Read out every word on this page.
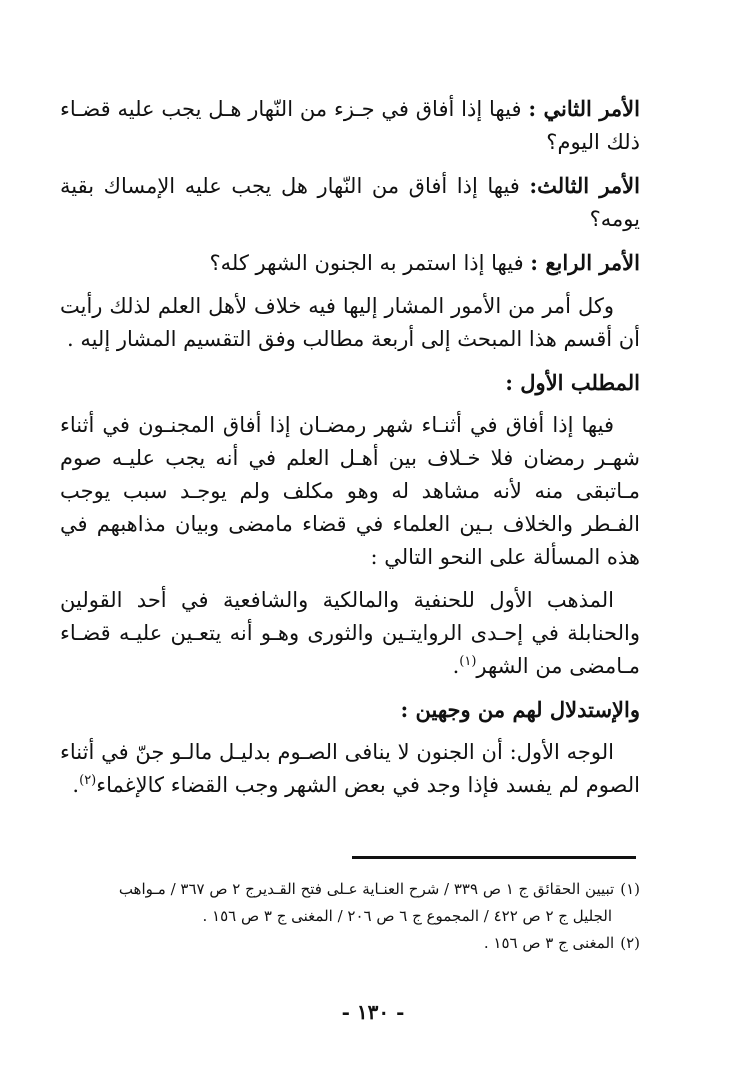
الأمر الثاني : فيها إذا أفاق في جـزء من النّهار هـل يجب عليه قضـاء ذلك اليوم؟
الأمر الثالث: فيها إذا أفاق من النّهار هل يجب عليه الإمساك بقية يومه؟
الأمر الرابع : فيها إذا استمر به الجنون الشهر كله؟
وكل أمر من الأمور المشار إليها فيه خلاف لأهل العلم لذلك رأيت أن أقسم هذا المبحث إلى أربعة مطالب وفق التقسيم المشار إليه .
المطلب الأول :
فيها إذا أفاق في أثنـاء شهر رمضـان إذا أفاق المجنـون في أثناء شهـر رمضان فلا خـلاف بين أهـل العلم في أنه يجب عليـه صوم مـاتبقى منه لأنه مشاهد له وهو مكلف ولم يوجـد سبب يوجب الفـطر والخلاف بـين العلماء في قضاء مامضى وبيان مذاهبهم في هذه المسألة على النحو التالي :
المذهب الأول للحنفية والمالكية والشافعية في أحد القولين والحنابلة في إحـدى الروايتـين والثورى وهـو أنه يتعـين عليـه قضـاء مـامضى من الشهر$^{(١)}$.
والإستدلال لهم من وجهين :
الوجه الأول: أن الجنون لا ينافى الصـوم بدليـل مالـو جنّ في أثناء الصوم لم يفسد فإذا وجد في بعض الشهر وجب القضاء كالإغماء$^{(٢)}$.

(١)تبيين الحقائق ج ١ ص ٣٣٩ / شرح العنـاية عـلى فتح القـديرج ٢ ص ٣٦٧ / مـواهب

الجليل ج ٢ ص ٤٢٢ / المجموع ج ٦ ص ٢٠٦ / المغنى ج ٣ ص ١٥٦ .

(٢)المغنى ج ٣ ص ١٥٦ .

- ١٣٠ -
